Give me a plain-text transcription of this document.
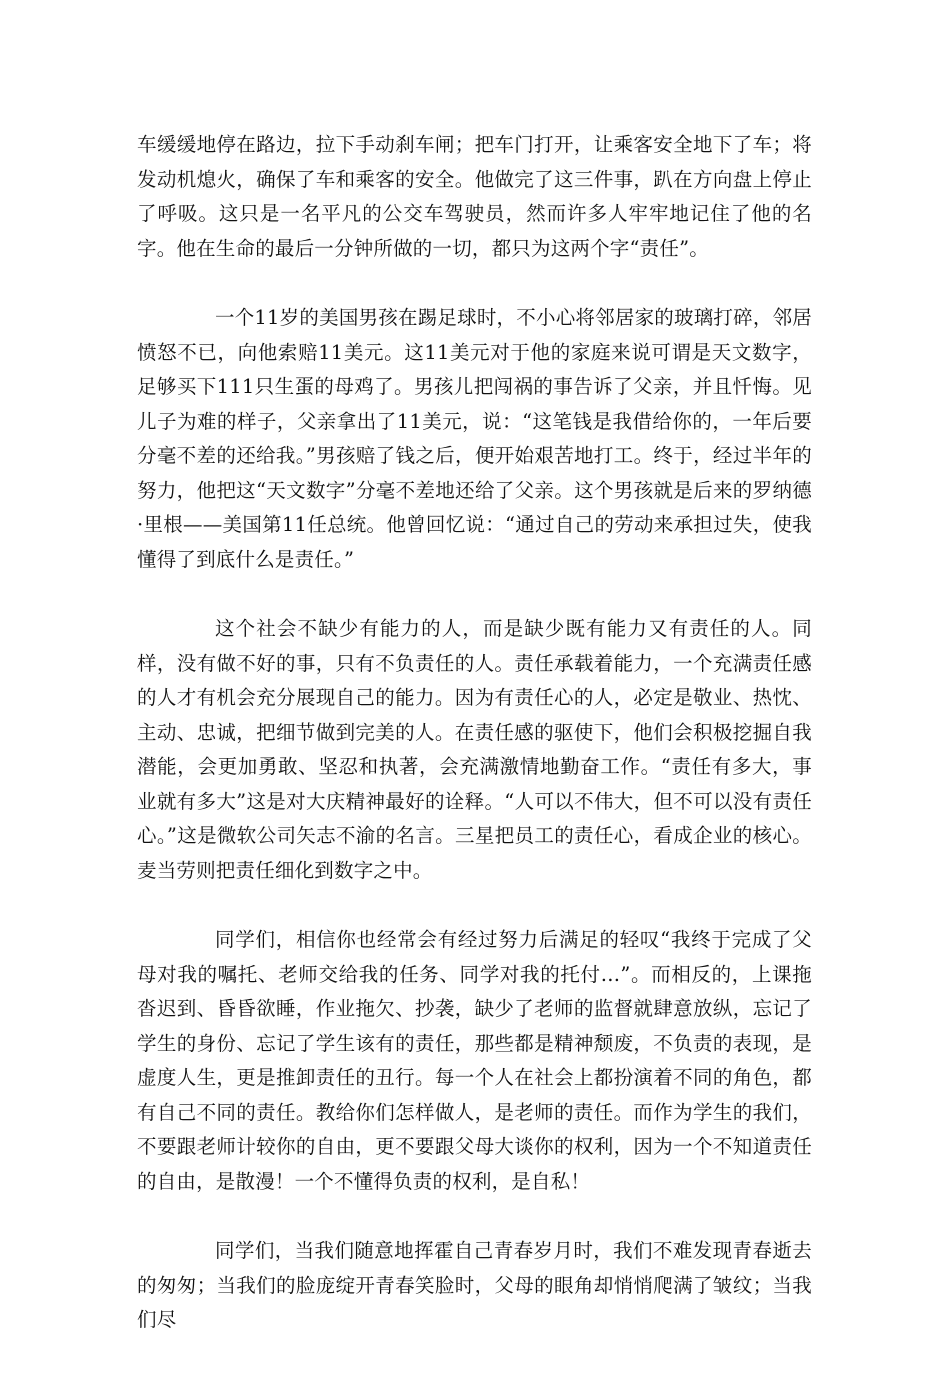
车缓缓地停在路边，拉下手动刹车闸；把车门打开，让乘客安全地下了车；将发动机熄火，确保了车和乘客的安全。他做完了这三件事，趴在方向盘上停止了呼吸。这只是一名平凡的公交车驾驶员，然而许多人牢牢地记住了他的名字。他在生命的最后一分钟所做的一切，都只为这两个字“责任”。

一个11岁的美国男孩在踢足球时，不小心将邻居家的玻璃打碎，邻居愤怒不已，向他索赔11美元。这11美元对于他的家庭来说可谓是天文数字，足够买下111只生蛋的母鸡了。男孩儿把闯祸的事告诉了父亲，并且忏悔。见儿子为难的样子，父亲拿出了11美元，说：“这笔钱是我借给你的，一年后要分毫不差的还给我。”男孩赔了钱之后，便开始艰苦地打工。终于，经过半年的努力，他把这“天文数字”分毫不差地还给了父亲。这个男孩就是后来的罗纳德·里根——美国第11任总统。他曾回忆说：“通过自己的劳动来承担过失，使我懂得了到底什么是责任。”

这个社会不缺少有能力的人，而是缺少既有能力又有责任的人。同样，没有做不好的事，只有不负责任的人。责任承载着能力，一个充满责任感的人才有机会充分展现自己的能力。因为有责任心的人，必定是敬业、热忱、主动、忠诚，把细节做到完美的人。在责任感的驱使下，他们会积极挖掘自我潜能，会更加勇敢、坚忍和执著，会充满激情地勤奋工作。“责任有多大，事业就有多大”这是对大庆精神最好的诠释。“人可以不伟大，但不可以没有责任心。”这是微软公司矢志不渝的名言。三星把员工的责任心，看成企业的核心。麦当劳则把责任细化到数字之中。

同学们，相信你也经常会有经过努力后满足的轻叹“我终于完成了父母对我的嘱托、老师交给我的任务、同学对我的托付…”。而相反的，上课拖沓迟到、昏昏欲睡，作业拖欠、抄袭，缺少了老师的监督就肆意放纵，忘记了学生的身份、忘记了学生该有的责任，那些都是精神颓废，不负责的表现，是虚度人生，更是推卸责任的丑行。每一个人在社会上都扮演着不同的角色，都有自己不同的责任。教给你们怎样做人，是老师的责任。而作为学生的我们，不要跟老师计较你的自由，更不要跟父母大谈你的权利，因为一个不知道责任的自由，是散漫！一个不懂得负责的权利，是自私！

同学们，当我们随意地挥霍自己青春岁月时，我们不难发现青春逝去的匆匆；当我们的脸庞绽开青春笑脸时，父母的眼角却悄悄爬满了皱纹；当我们尽
